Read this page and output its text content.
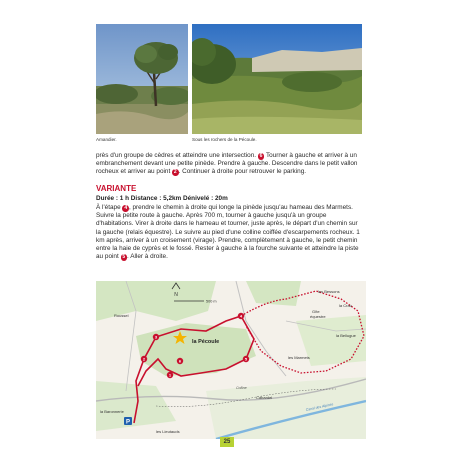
Amandier.	Sous les rochers de la Pécoule.
près d'un groupe de cèdres et atteindre une intersection. 6 Tourner à gauche et arriver à un embranchement devant une petite pinède. Prendre à gauche. Descendre dans le petit vallon rocheux et arriver au point 2 . Continuer à droite pour retrouver le parking.
VARIANTE
Durée : 1 h Distance : 5,2km Dénivelé : 20m
À l'étape 4 , prendre le chemin à droite qui longe la pinède jusqu'au hameau des Marmets. Suivre la petite route à gauche. Après 700 m, tourner à gauche jusqu'à un groupe d'habitations. Virer à droite dans le hameau et tourner, juste après, le départ d'un chemin sur la gauche (relais équestre). Le suivre au pied d'une colline coiffée d'escarpements rocheux. 1 km après, arriver à un croisement (virage). Prendre, complètement à gauche, le petit chemin entre la haie de cyprès et le fossé. Rester à gauche à la fourche suivante et atteindre la piste au point 5 . Aller à droite.
1
2
3
4
5
6
P
N
500 m
les Bessons
la Crau
Gîte
équestre
la Bellugue
Roussel
les Marmets
Cabardel
la Baronnerie
les Lieutauds
la Pécoule
Colline
Canal des Alpines
25
